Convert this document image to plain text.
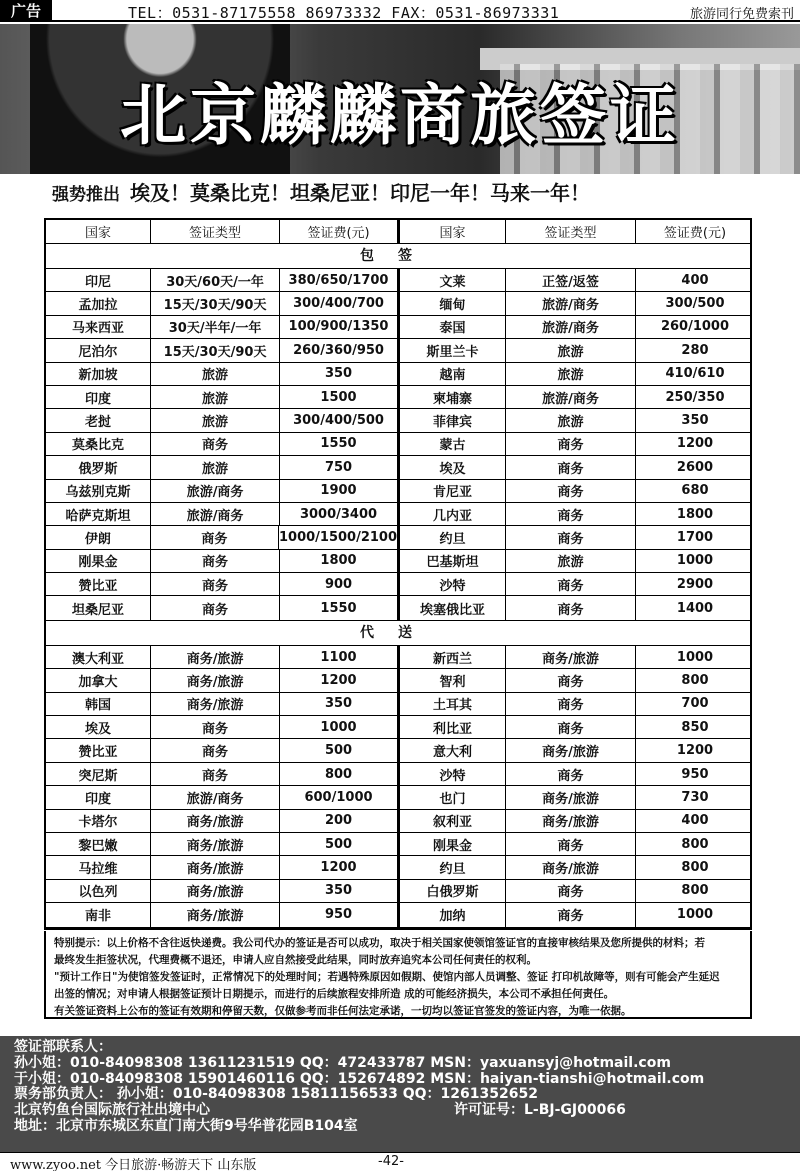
广告	TEL：0531-87175558 86973332 FAX：0531-86973331	旅游同行免费索刊
北京麟麟商旅签证
强势推出 埃及！莫桑比克！坦桑尼亚！印尼一年！马来一年！
国家	签证类型	签证费(元)	国家	签证类型	签证费(元)
包签
印尼	30天/60天/一年	380/650/1700	文莱	正签/返签	400
孟加拉	15天/30天/90天	300/400/700	缅甸	旅游/商务	300/500
马来西亚	30天/半年/一年	100/900/1350	泰国	旅游/商务	260/1000
尼泊尔	15天/30天/90天	260/360/950	斯里兰卡	旅游	280
新加坡	旅游	350	越南	旅游	410/610
印度	旅游	1500	柬埔寨	旅游/商务	250/350
老挝	旅游	300/400/500	菲律宾	旅游	350
莫桑比克	商务	1550	蒙古	商务	1200
俄罗斯	旅游	750	埃及	商务	2600
乌兹别克斯	旅游/商务	1900	肯尼亚	商务	680
哈萨克斯坦	旅游/商务	3000/3400	几内亚	商务	1800
伊朗	商务	1000/1500/2100	约旦	商务	1700
刚果金	商务	1800	巴基斯坦	旅游	1000
赞比亚	商务	900	沙特	商务	2900
坦桑尼亚	商务	1550	埃塞俄比亚	商务	1400
代送
澳大利亚	商务/旅游	1100	新西兰	商务/旅游	1000
加拿大	商务/旅游	1200	智利	商务	800
韩国	商务/旅游	350	土耳其	商务	700
埃及	商务	1000	利比亚	商务	850
赞比亚	商务	500	意大利	商务/旅游	1200
突尼斯	商务	800	沙特	商务	950
印度	旅游/商务	600/1000	也门	商务/旅游	730
卡塔尔	商务/旅游	200	叙利亚	商务/旅游	400
黎巴嫩	商务/旅游	500	刚果金	商务	800
马拉维	商务/旅游	1200	约旦	商务/旅游	800
以色列	商务/旅游	350	白俄罗斯	商务	800
南非	商务/旅游	950	加纳	商务	1000
特别提示：以上价格不含往返快递费。我公司代办的签证是否可以成功，取决于相关国家使领馆签证官的直接审核结果及您所提供的材料；若
最终发生拒签状况，代理费概不退还，申请人应自然接受此结果，同时放弃追究本公司任何责任的权利。
"预计工作日"为使馆签发签证时，正常情况下的处理时间；若遇特殊原因如假期、使馆内部人员调整、签证 打印机故障等，则有可能会产生延迟
出签的情况；对申请人根据签证预计日期提示，而进行的后续旅程安排所造 成的可能经济损失，本公司不承担任何责任。
有关签证资料上公布的签证有效期和停留天数，仅做参考而非任何法定承诺，一切均以签证官签发的签证内容，为唯一依据。
签证部联系人：
孙小姐：010-84098308 13611231519 QQ：472433787 MSN：yaxuansyj@hotmail.com
于小姐：010-84098308 15901460116 QQ：152674892 MSN：haiyan-tianshi@hotmail.com
票务部负责人： 孙小姐：010-84098308 15811156533 QQ：1261352652
北京钓鱼台国际旅行社出境中心	许可证号：L-BJ-GJ00066
地址：北京市东城区东直门南大街9号华普花园B104室
www.zyoo.net 今日旅游·畅游天下 山东版	-42-
